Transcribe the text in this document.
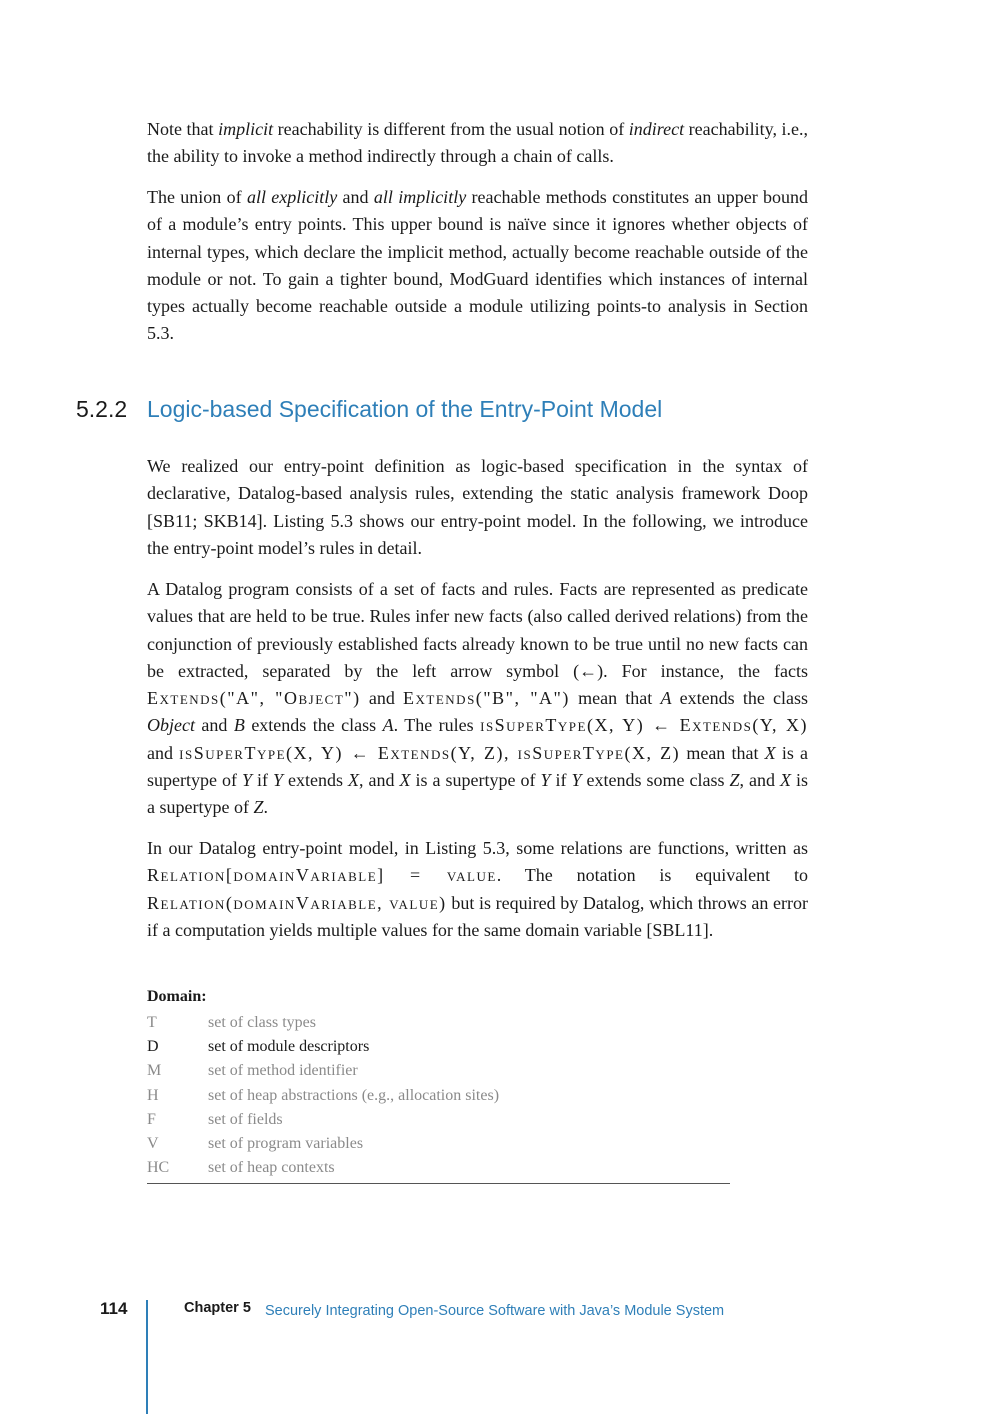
Note that implicit reachability is different from the usual notion of indirect reachability, i.e., the ability to invoke a method indirectly through a chain of calls.

The union of all explicitly and all implicitly reachable methods constitutes an upper bound of a module’s entry points. This upper bound is naïve since it ignores whether objects of internal types, which declare the implicit method, actually become reachable outside of the module or not. To gain a tighter bound, ModGuard identifies which instances of internal types actually become reachable outside a module utilizing points-to analysis in Section 5.3.

5.2.2 Logic-based Specification of the Entry-Point Model

We realized our entry-point definition as logic-based specification in the syntax of declarative, Datalog-based analysis rules, extending the static analysis framework Doop [SB11; SKB14]. Listing 5.3 shows our entry-point model. In the following, we introduce the entry-point model’s rules in detail.

A Datalog program consists of a set of facts and rules. Facts are represented as predicate values that are held to be true. Rules infer new facts (also called derived relations) from the conjunction of previously established facts already known to be true until no new facts can be extracted, separated by the left arrow symbol (←). For instance, the facts Extends("A", "Object") and Extends("B", "A") mean that A extends the class Object and B extends the class A. The rules isSuperType(X, Y) ← Extends(Y, X) and isSuperType(X, Y) ← Extends(Y, Z), isSuperType(X, Z) mean that X is a supertype of Y if Y extends X, and X is a supertype of Y if Y extends some class Z, and X is a supertype of Z.

In our Datalog entry-point model, in Listing 5.3, some relations are functions, written as Relation[domainVariable] = value. The notation is equivalent to Relation(domainVariable, value) but is required by Datalog, which throws an error if a computation yields multiple values for the same domain variable [SBL11].

Domain:
T	set of class types
D	set of module descriptors
M	set of method identifier
H	set of heap abstractions (e.g., allocation sites)
F	set of fields
V	set of program variables
HC	set of heap contexts
114	Chapter 5 Securely Integrating Open-Source Software with Java’s Module System
